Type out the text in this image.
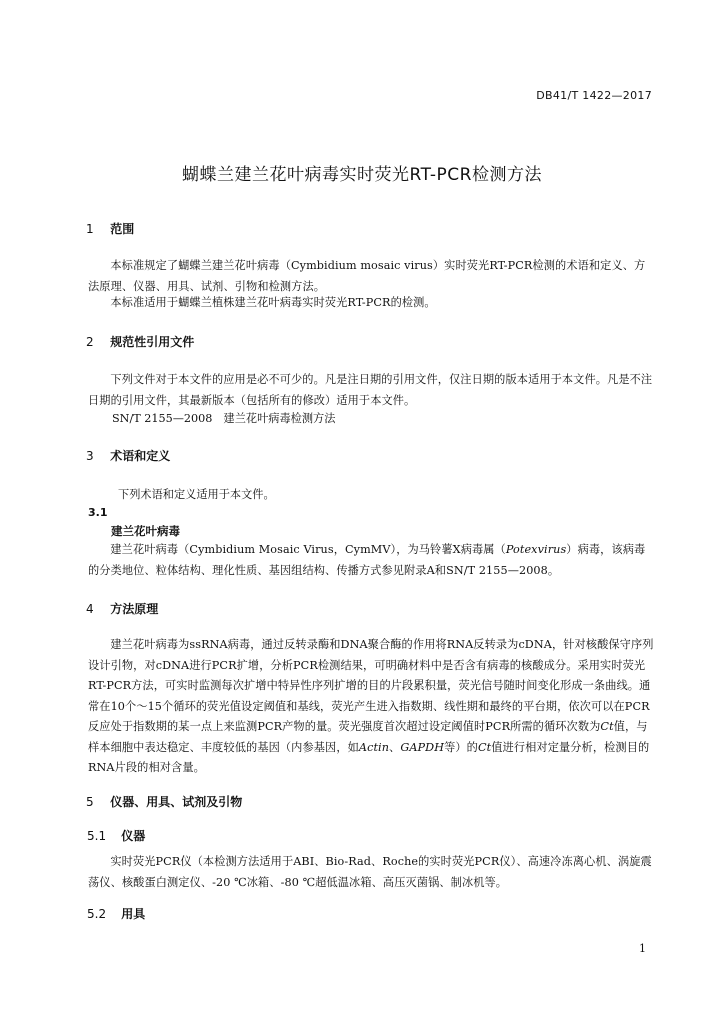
DB41/T 1422—2017
蝴蝶兰建兰花叶病毒实时荧光RT-PCR检测方法
1 范围
本标准规定了蝴蝶兰建兰花叶病毒（Cymbidium mosaic virus）实时荧光RT-PCR检测的术语和定义、方法原理、仪器、用具、试剂、引物和检测方法。
本标准适用于蝴蝶兰植株建兰花叶病毒实时荧光RT-PCR的检测。
2 规范性引用文件
下列文件对于本文件的应用是必不可少的。凡是注日期的引用文件，仅注日期的版本适用于本文件。凡是不注日期的引用文件，其最新版本（包括所有的修改）适用于本文件。
SN/T 2155—2008　建兰花叶病毒检测方法
3 术语和定义
下列术语和定义适用于本文件。
3.1
建兰花叶病毒
建兰花叶病毒（Cymbidium Mosaic Virus，CymMV），为马铃薯X病毒属（Potexvirus）病毒，该病毒的分类地位、粒体结构、理化性质、基因组结构、传播方式参见附录A和SN/T 2155—2008。
4 方法原理
建兰花叶病毒为ssRNA病毒，通过反转录酶和DNA聚合酶的作用将RNA反转录为cDNA，针对核酸保守序列设计引物，对cDNA进行PCR扩增，分析PCR检测结果，可明确材料中是否含有病毒的核酸成分。采用实时荧光RT-PCR方法，可实时监测每次扩增中特异性序列扩增的目的片段累积量，荧光信号随时间变化形成一条曲线。通常在10个～15个循环的荧光值设定阈值和基线，荧光产生进入指数期、线性期和最终的平台期，依次可以在PCR反应处于指数期的某一点上来监测PCR产物的量。荧光强度首次超过设定阈值时PCR所需的循环次数为Ct值，与样本细胞中表达稳定、丰度较低的基因（内参基因，如Actin、GAPDH等）的Ct值进行相对定量分析，检测目的RNA片段的相对含量。
5 仪器、用具、试剂及引物
5.1 仪器
实时荧光PCR仪（本检测方法适用于ABI、Bio-Rad、Roche的实时荧光PCR仪）、高速冷冻离心机、涡旋震荡仪、核酸蛋白测定仪、-20 ℃冰箱、-80 ℃超低温冰箱、高压灭菌锅、制冰机等。
5.2 用具
1
